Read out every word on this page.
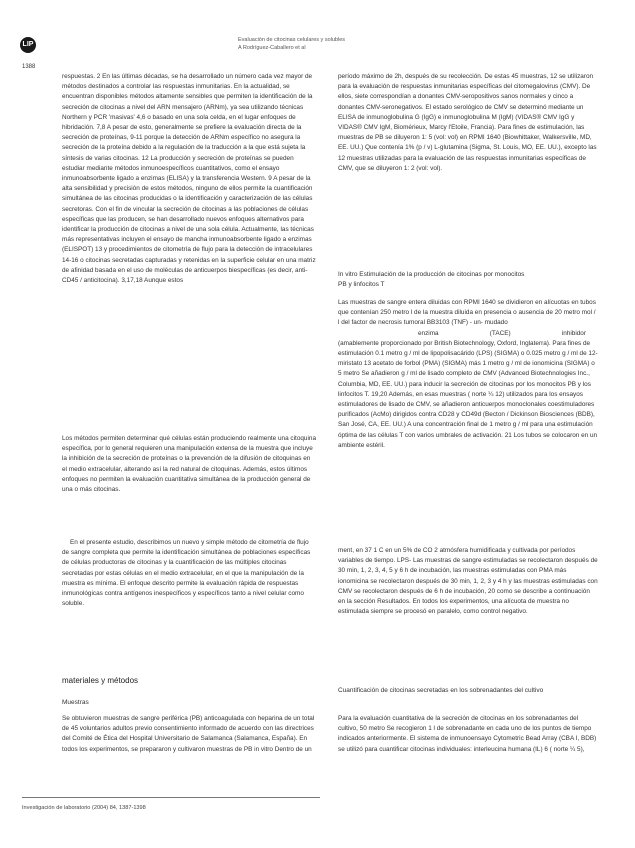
LIP
Evaluación de citocinas celulares y solubles
A Rodríguez-Caballero et al
1388

respuestas. 2 En las últimas décadas, se ha desarrollado un número cada vez mayor de métodos destinados a controlar las respuestas inmunitarias. En la actualidad, se encuentran disponibles métodos altamente sensibles que permiten la identificación de la secreción de citocinas a nivel del ARN mensajero (ARNm), ya sea utilizando técnicas Northern y PCR 'masivas' 4,6 o basado en una sola celda, en el lugar enfoques de hibridación. 7,8 A pesar de esto, generalmente se prefiere la evaluación directa de la secreción de proteínas, 9-11 porque la detección de ARNm específico no asegura la secreción de la proteína debido a la regulación de la traducción a la que está sujeta la síntesis de varias citocinas. 12 La producción y secreción de proteínas se pueden estudiar mediante métodos inmunoespecíficos cuantitativos, como el ensayo inmunoabsorbente ligado a enzimas (ELISA) y la transferencia Western. 9 A pesar de la alta sensibilidad y precisión de estos métodos, ninguno de ellos permite la cuantificación simultánea de las citocinas producidas o la identificación y caracterización de las células secretoras. Con el fin de vincular la secreción de citocinas a las poblaciones de células específicas que las producen, se han desarrollado nuevos enfoques alternativos para identificar la producción de citocinas a nivel de una sola célula. Actualmente, las técnicas más representativas incluyen el ensayo de mancha inmunoabsorbente ligado a enzimas (ELISPOT) 13 y procedimientos de citometría de flujo para la detección de intracelulares 14-16 o citocinas secretadas capturadas y retenidas en la superficie celular en una matriz de afinidad basada en el uso de moléculas de anticuerpos biespecíficas (es decir, anti-CD45 / anticitocina). 3,17,18 Aunque estos

Los métodos permiten determinar qué células están produciendo realmente una citoquina específica, por lo general requieren una manipulación extensa de la muestra que incluye la inhibición de la secreción de proteínas o la prevención de la difusión de citoquinas en el medio extracelular, alterando así la red natural de citoquinas. Además, estos últimos enfoques no permiten la evaluación cuantitativa simultánea de la producción general de una o más citocinas.

En el presente estudio, describimos un nuevo y simple método de citometría de flujo de sangre completa que permite la identificación simultánea de poblaciones específicas de células productoras de citocinas y la cuantificación de las múltiples citocinas secretadas por estas células en el medio extracelular, en el que la manipulación de la muestra es mínima. El enfoque descrito permite la evaluación rápida de respuestas inmunológicas contra antígenos inespecíficos y específicos tanto a nivel celular como soluble.

materiales y métodos
Muestras

Se obtuvieron muestras de sangre periférica (PB) anticoagulada con heparina de un total de 45 voluntarios adultos previo consentimiento informado de acuerdo con las directrices del Comité de Ética del Hospital Universitario de Salamanca (Salamanca, España). En todos los experimentos, se prepararon y cultivaron muestras de PB in vitro Dentro de un

período máximo de 2h, después de su recolección. De estas 45 muestras, 12 se utilizaron para la evaluación de respuestas inmunitarias específicas del citomegalovirus (CMV). De ellos, siete correspondían a donantes CMV-seropositivos sanos normales y cinco a donantes CMV-seronegativos. El estado serológico de CMV se determinó mediante un ELISA de inmunoglobulina G (IgG) e inmunoglobulina M (IgM) (VIDAS® CMV IgG y VIDAS® CMV IgM, Biomérieux, Marcy l'Etoile, Francia). Para fines de estimulación, las muestras de PB se diluyeron 1: 5 (vol: vol) en RPMI 1640 (Biowhittaker, Walkersville, MD, EE. UU.) Que contenía 1% (p / v) L-glutamina (Sigma, St. Louis, MO, EE. UU.), excepto las 12 muestras utilizadas para la evaluación de las respuestas inmunitarias específicas de CMV, que se diluyeron 1: 2 (vol: vol).

In vitro Estimulación de la producción de citocinas por monocitos
PB y linfocitos T

Las muestras de sangre entera diluidas con RPMI 1640 se dividieron en alícuotas en tubos que contenían 250 metro l de la muestra diluida en presencia o ausencia de 20 metro mol / l del factor de necrosis tumoral BB3103 (TNF) - un- mudado

enzima	(TACE)	inhibidor

(amablemente proporcionado por British Biotechnology, Oxford, Inglaterra). Para fines de estimulación 0.1 metro g / ml de lipopolisacárido (LPS) (SIGMA) o 0.025 metro g / ml de 12-miristato 13 acetato de forbol (PMA) (SIGMA) más 1 metro g / ml de ionomicina (SIGMA) o 5 metro Se añadieron g / ml de lisado completo de CMV (Advanced Biotechnologies Inc., Columbia, MD, EE. UU.) para inducir la secreción de citocinas por los monocitos PB y los linfocitos T. 19,20 Además, en esas muestras ( norte ¼ 12) utilizados para los ensayos estimuladores de lisado de CMV, se añadieron anticuerpos monoclonales coestimuladores purificados (AcMo) dirigidos contra CD28 y CD49d (Becton / Dickinson Biosciences (BDB), San José, CA, EE. UU.) A una concentración final de 1 metro g / ml para una estimulación óptima de las células T con varios umbrales de activación. 21 Los tubos se colocaron en un ambiente estéril.

ment, en 37 1 C en un 5% de CO 2 atmósfera humidificada y cultivada por períodos variables de tiempo. LPS- Las muestras de sangre estimuladas se recolectaron después de 30 min, 1, 2, 3, 4, 5 y 6 h de incubación, las muestras estimuladas con PMA más ionomicina se recolectaron después de 30 min, 1, 2, 3 y 4 h y las muestras estimuladas con CMV se recolectaron después de 6 h de incubación, 20 como se describe a continuación en la sección Resultados. En todos los experimentos, una alícuota de muestra no estimulada siempre se procesó en paralelo, como control negativo.

Cuantificación de citocinas secretadas en los sobrenadantes del cultivo

Para la evaluación cuantitativa de la secreción de citocinas en los sobrenadantes del cultivo, 50 metro Se recogieron 1 l de sobrenadante en cada uno de los puntos de tiempo indicados anteriormente. El sistema de inmunoensayo Cytometric Bead Array (CBA I, BDB) se utilizó para cuantificar citocinas individuales: interleucina humana (IL) 6 ( norte ¼ 5),

Investigación de laboratorio (2004) 84, 1387-1398
